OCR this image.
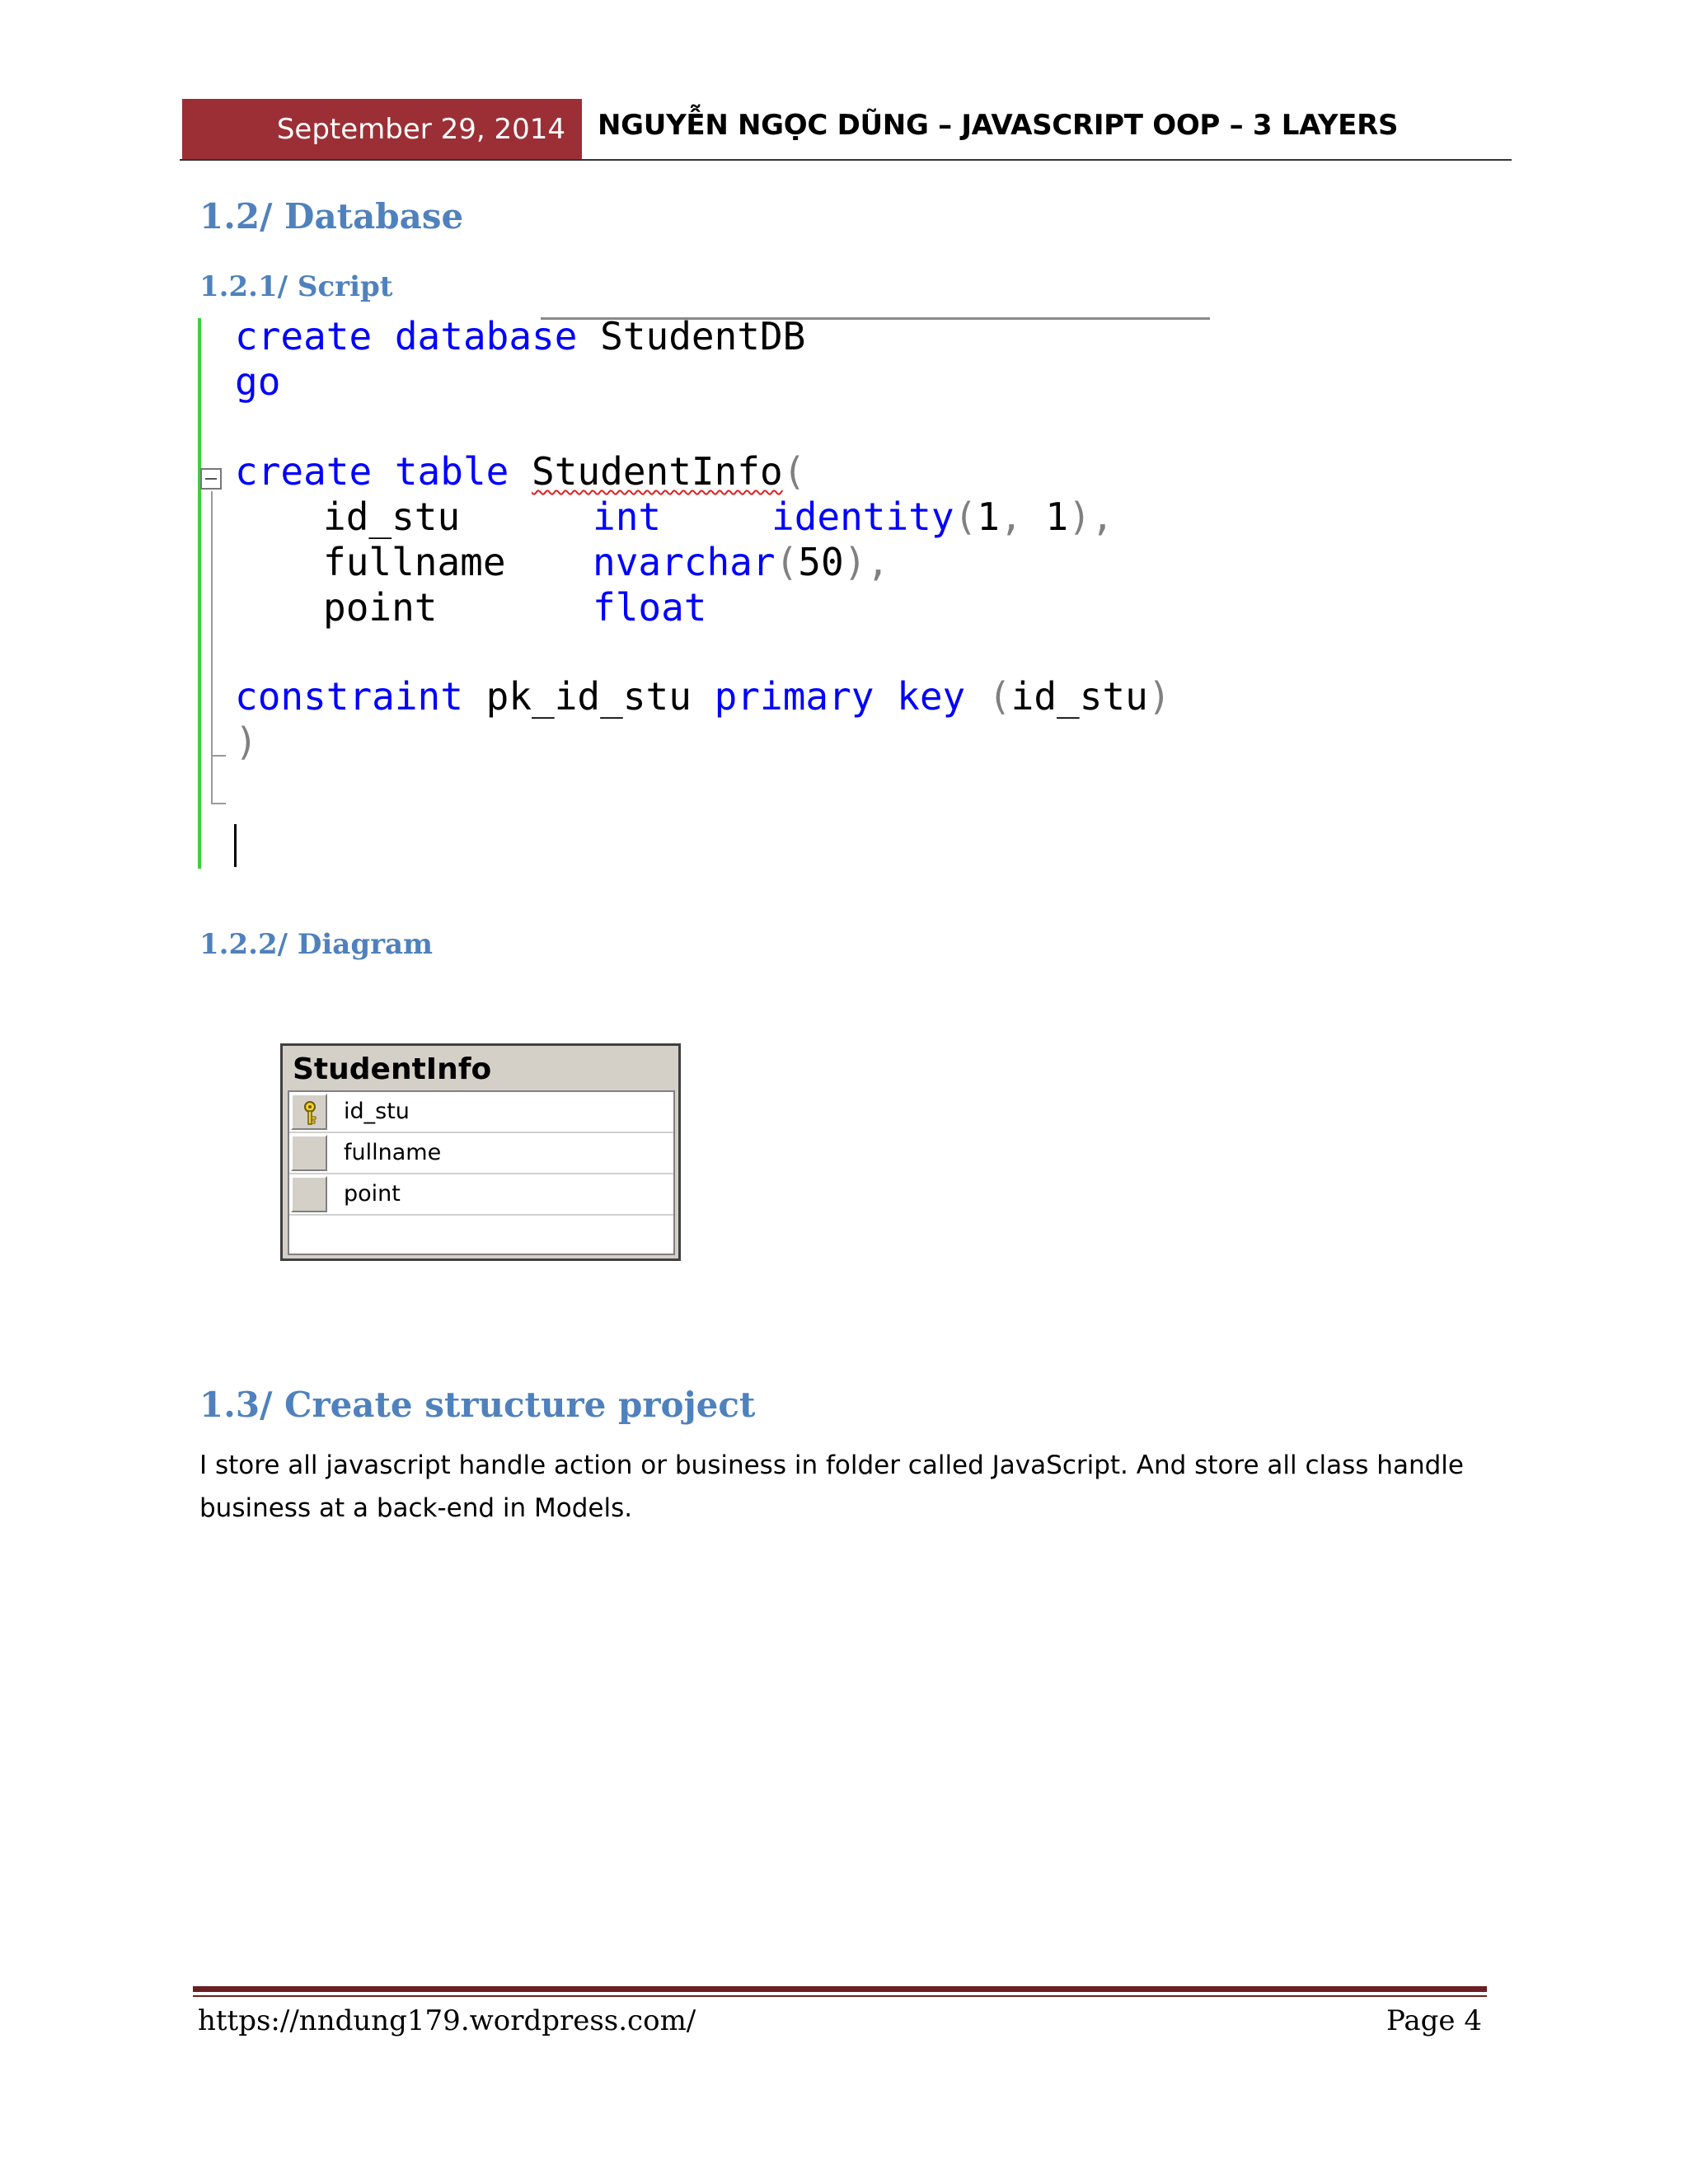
September 29, 2014	NGUYỄN NGỌC DŨNG – JAVASCRIPT OOP – 3 LAYERS
1.2/ Database
1.2.1/ Script
create database StudentDB
go
create table StudentInfo(
id_stu	int	identity(1, 1),
fullname nvarchar(50),
point	float
constraint pk_id_stu primary key (id_stu)
)
1.2.2/ Diagram
StudentInfo
id_stu
fullname
point
1.3/ Create structure project
I store all javascript handle action or business in folder called JavaScript. And store all class handle business at a back-end in Models.
https://nndung179.wordpress.com/	Page 4
